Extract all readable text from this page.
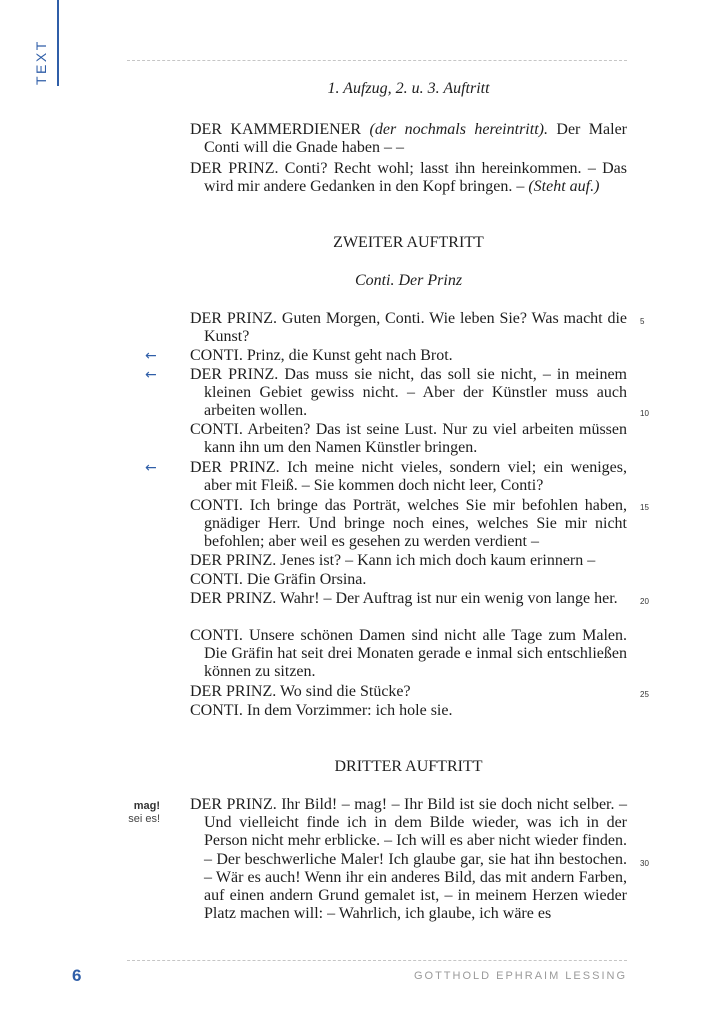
TEXT
1. Aufzug, 2. u. 3. Auftritt
DER KAMMERDIENER (der nochmals hereintritt). Der Maler Conti will die Gnade haben – –
DER PRINZ. Conti? Recht wohl; lasst ihn hereinkommen. – Das wird mir andere Gedanken in den Kopf bringen. – (Steht auf.)
ZWEITER AUFTRITT
Conti. Der Prinz
DER PRINZ. Guten Morgen, Conti. Wie leben Sie? Was macht die Kunst?
CONTI. Prinz, die Kunst geht nach Brot.
DER PRINZ. Das muss sie nicht, das soll sie nicht, – in meinem kleinen Gebiet gewiss nicht. – Aber der Künstler muss auch arbeiten wollen.
CONTI. Arbeiten? Das ist seine Lust. Nur zu viel arbeiten müssen kann ihn um den Namen Künstler bringen.
DER PRINZ. Ich meine nicht vieles, sondern viel; ein weniges, aber mit Fleiß. – Sie kommen doch nicht leer, Conti?
CONTI. Ich bringe das Porträt, welches Sie mir befohlen haben, gnädiger Herr. Und bringe noch eines, welches Sie mir nicht befohlen; aber weil es gesehen zu werden verdient –
DER PRINZ. Jenes ist? – Kann ich mich doch kaum erinnern –
CONTI. Die Gräfin Orsina.
DER PRINZ. Wahr! – Der Auftrag ist nur ein wenig von lange her.
CONTI. Unsere schönen Damen sind nicht alle Tage zum Malen. Die Gräfin hat seit drei Monaten gerade e inmal sich entschließen können zu sitzen.
DER PRINZ. Wo sind die Stücke?
CONTI. In dem Vorzimmer: ich hole sie.
DRITTER AUFTRITT
DER PRINZ. Ihr Bild! – mag! – Ihr Bild ist sie doch nicht selber. – Und vielleicht finde ich in dem Bilde wieder, was ich in der Person nicht mehr erblicke. – Ich will es aber nicht wieder finden. – Der beschwerliche Maler! Ich glaube gar, sie hat ihn bestochen. – Wär es auch! Wenn ihr ein anderes Bild, das mit andern Farben, auf einen andern Grund gemalet ist, – in meinem Herzen wieder Platz machen will: – Wahrlich, ich glaube, ich wäre es
←
←
←
5
10
15
20
25
30
mag!
sei es!
6	GOTTHOLD EPHRAIM LESSING
